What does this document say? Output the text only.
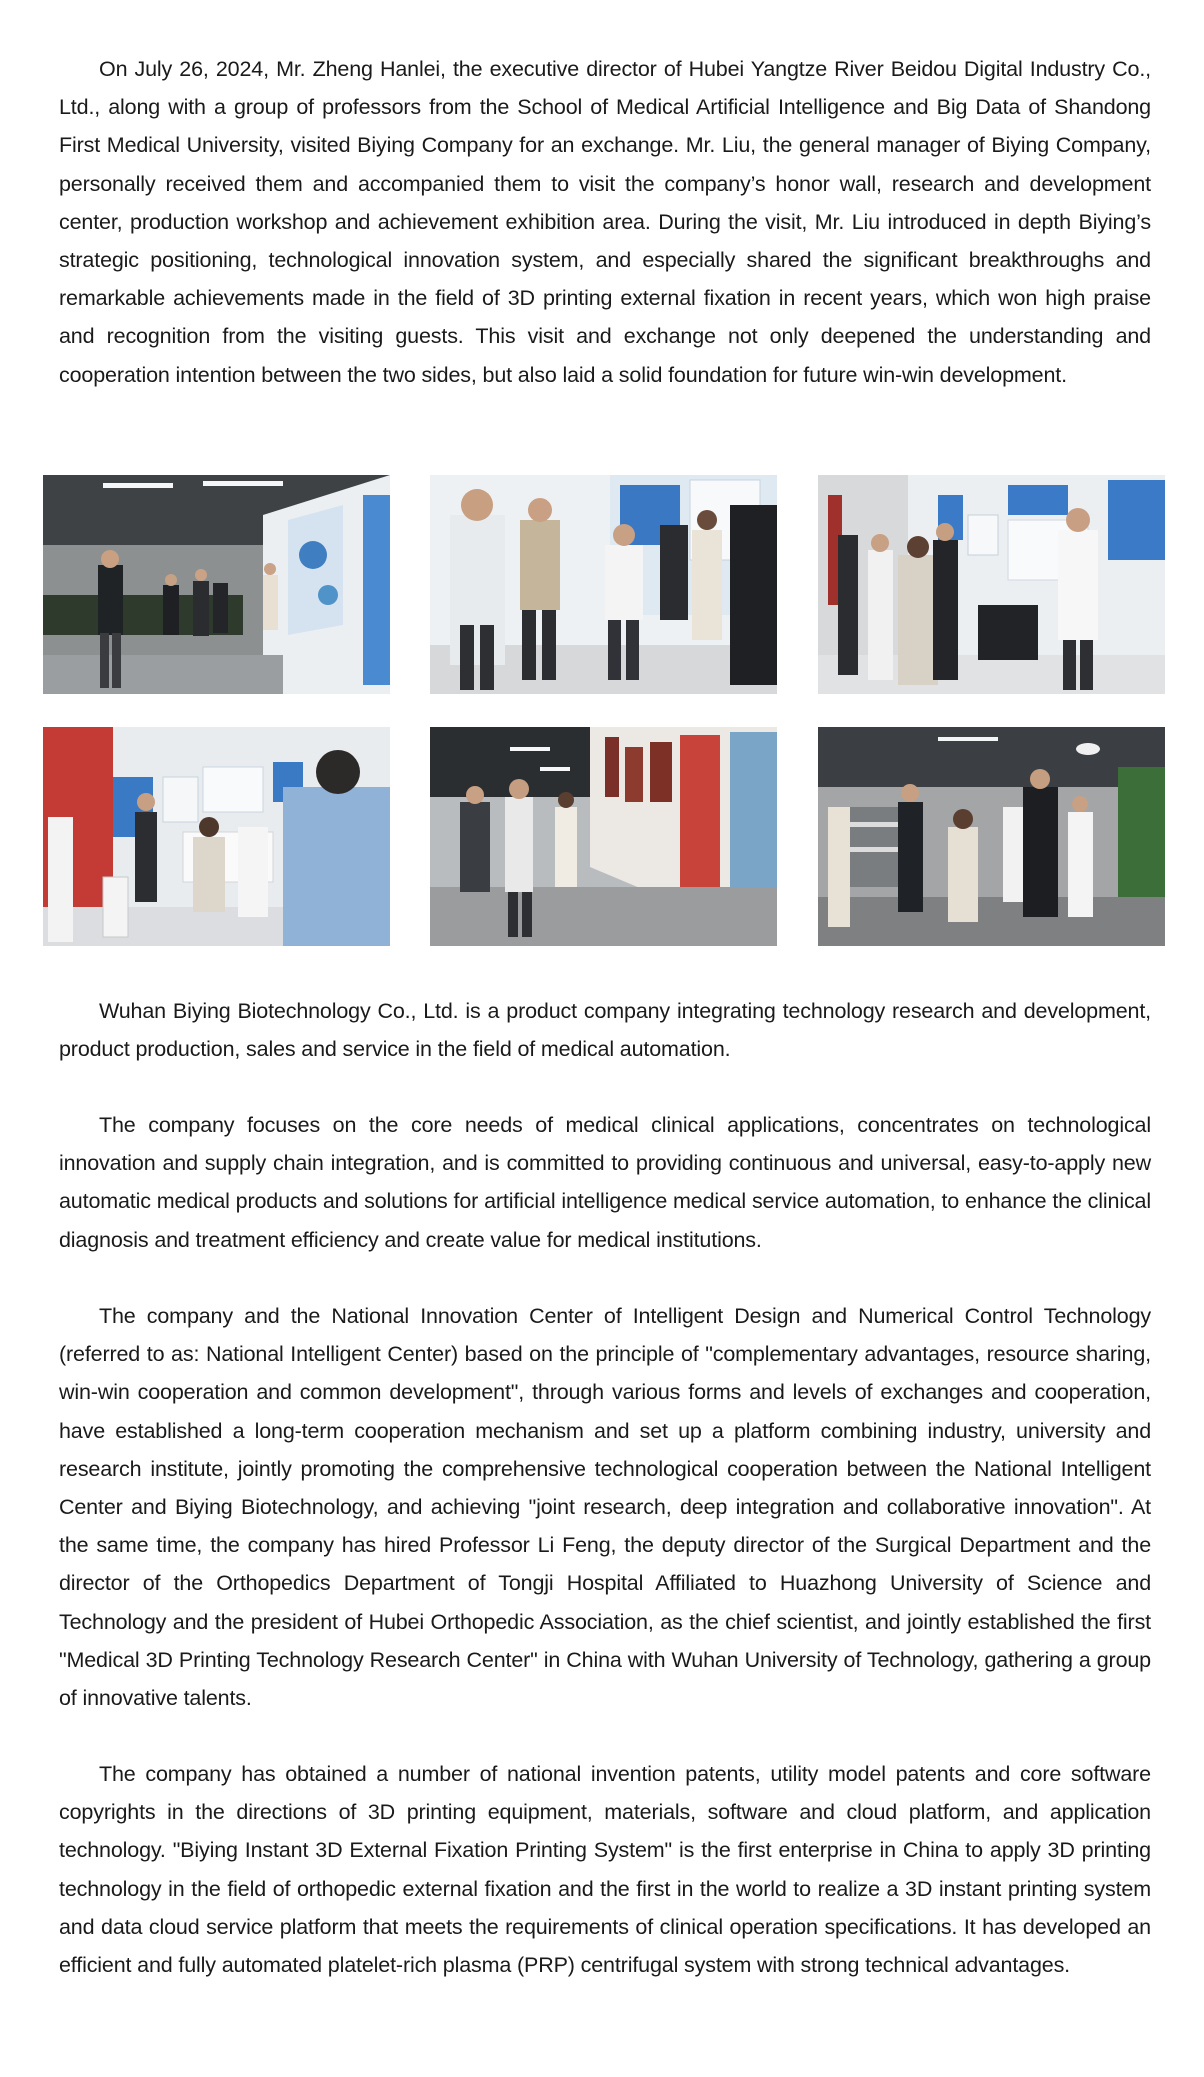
On July 26, 2024, Mr. Zheng Hanlei, the executive director of Hubei Yangtze River Beidou Digital Industry Co., Ltd., along with a group of professors from the School of Medical Artificial Intelligence and Big Data of Shandong First Medical University, visited Biying Company for an exchange. Mr. Liu, the general manager of Biying Company, personally received them and accompanied them to visit the company’s honor wall, research and development center, production workshop and achievement exhibition area. During the visit, Mr. Liu introduced in depth Biying’s strategic positioning, technological innovation system, and especially shared the significant breakthroughs and remarkable achievements made in the field of 3D printing external fixation in recent years, which won high praise and recognition from the visiting guests. This visit and exchange not only deepened the understanding and cooperation intention between the two sides, but also laid a solid foundation for future win-win development.

Wuhan Biying Biotechnology Co., Ltd. is a product company integrating technology research and development, product production, sales and service in the field of medical automation.

The company focuses on the core needs of medical clinical applications, concentrates on technological innovation and supply chain integration, and is committed to providing continuous and universal, easy-to-apply new automatic medical products and solutions for artificial intelligence medical service automation, to enhance the clinical diagnosis and treatment efficiency and create value for medical institutions.

The company and the National Innovation Center of Intelligent Design and Numerical Control Technology (referred to as: National Intelligent Center) based on the principle of "complementary advantages, resource sharing, win-win cooperation and common development", through various forms and levels of exchanges and cooperation, have established a long-term cooperation mechanism and set up a platform combining industry, university and research institute, jointly promoting the comprehensive technological cooperation between the National Intelligent Center and Biying Biotechnology, and achieving "joint research, deep integration and collaborative innovation". At the same time, the company has hired Professor Li Feng, the deputy director of the Surgical Department and the director of the Orthopedics Department of Tongji Hospital Affiliated to Huazhong University of Science and Technology and the president of Hubei Orthopedic Association, as the chief scientist, and jointly established the first "Medical 3D Printing Technology Research Center" in China with Wuhan University of Technology, gathering a group of innovative talents.

The company has obtained a number of national invention patents, utility model patents and core software copyrights in the directions of 3D printing equipment, materials, software and cloud platform, and application technology. "Biying Instant 3D External Fixation Printing System" is the first enterprise in China to apply 3D printing technology in the field of orthopedic external fixation and the first in the world to realize a 3D instant printing system and data cloud service platform that meets the requirements of clinical operation specifications. It has developed an efficient and fully automated platelet-rich plasma (PRP) centrifugal system with strong technical advantages.
